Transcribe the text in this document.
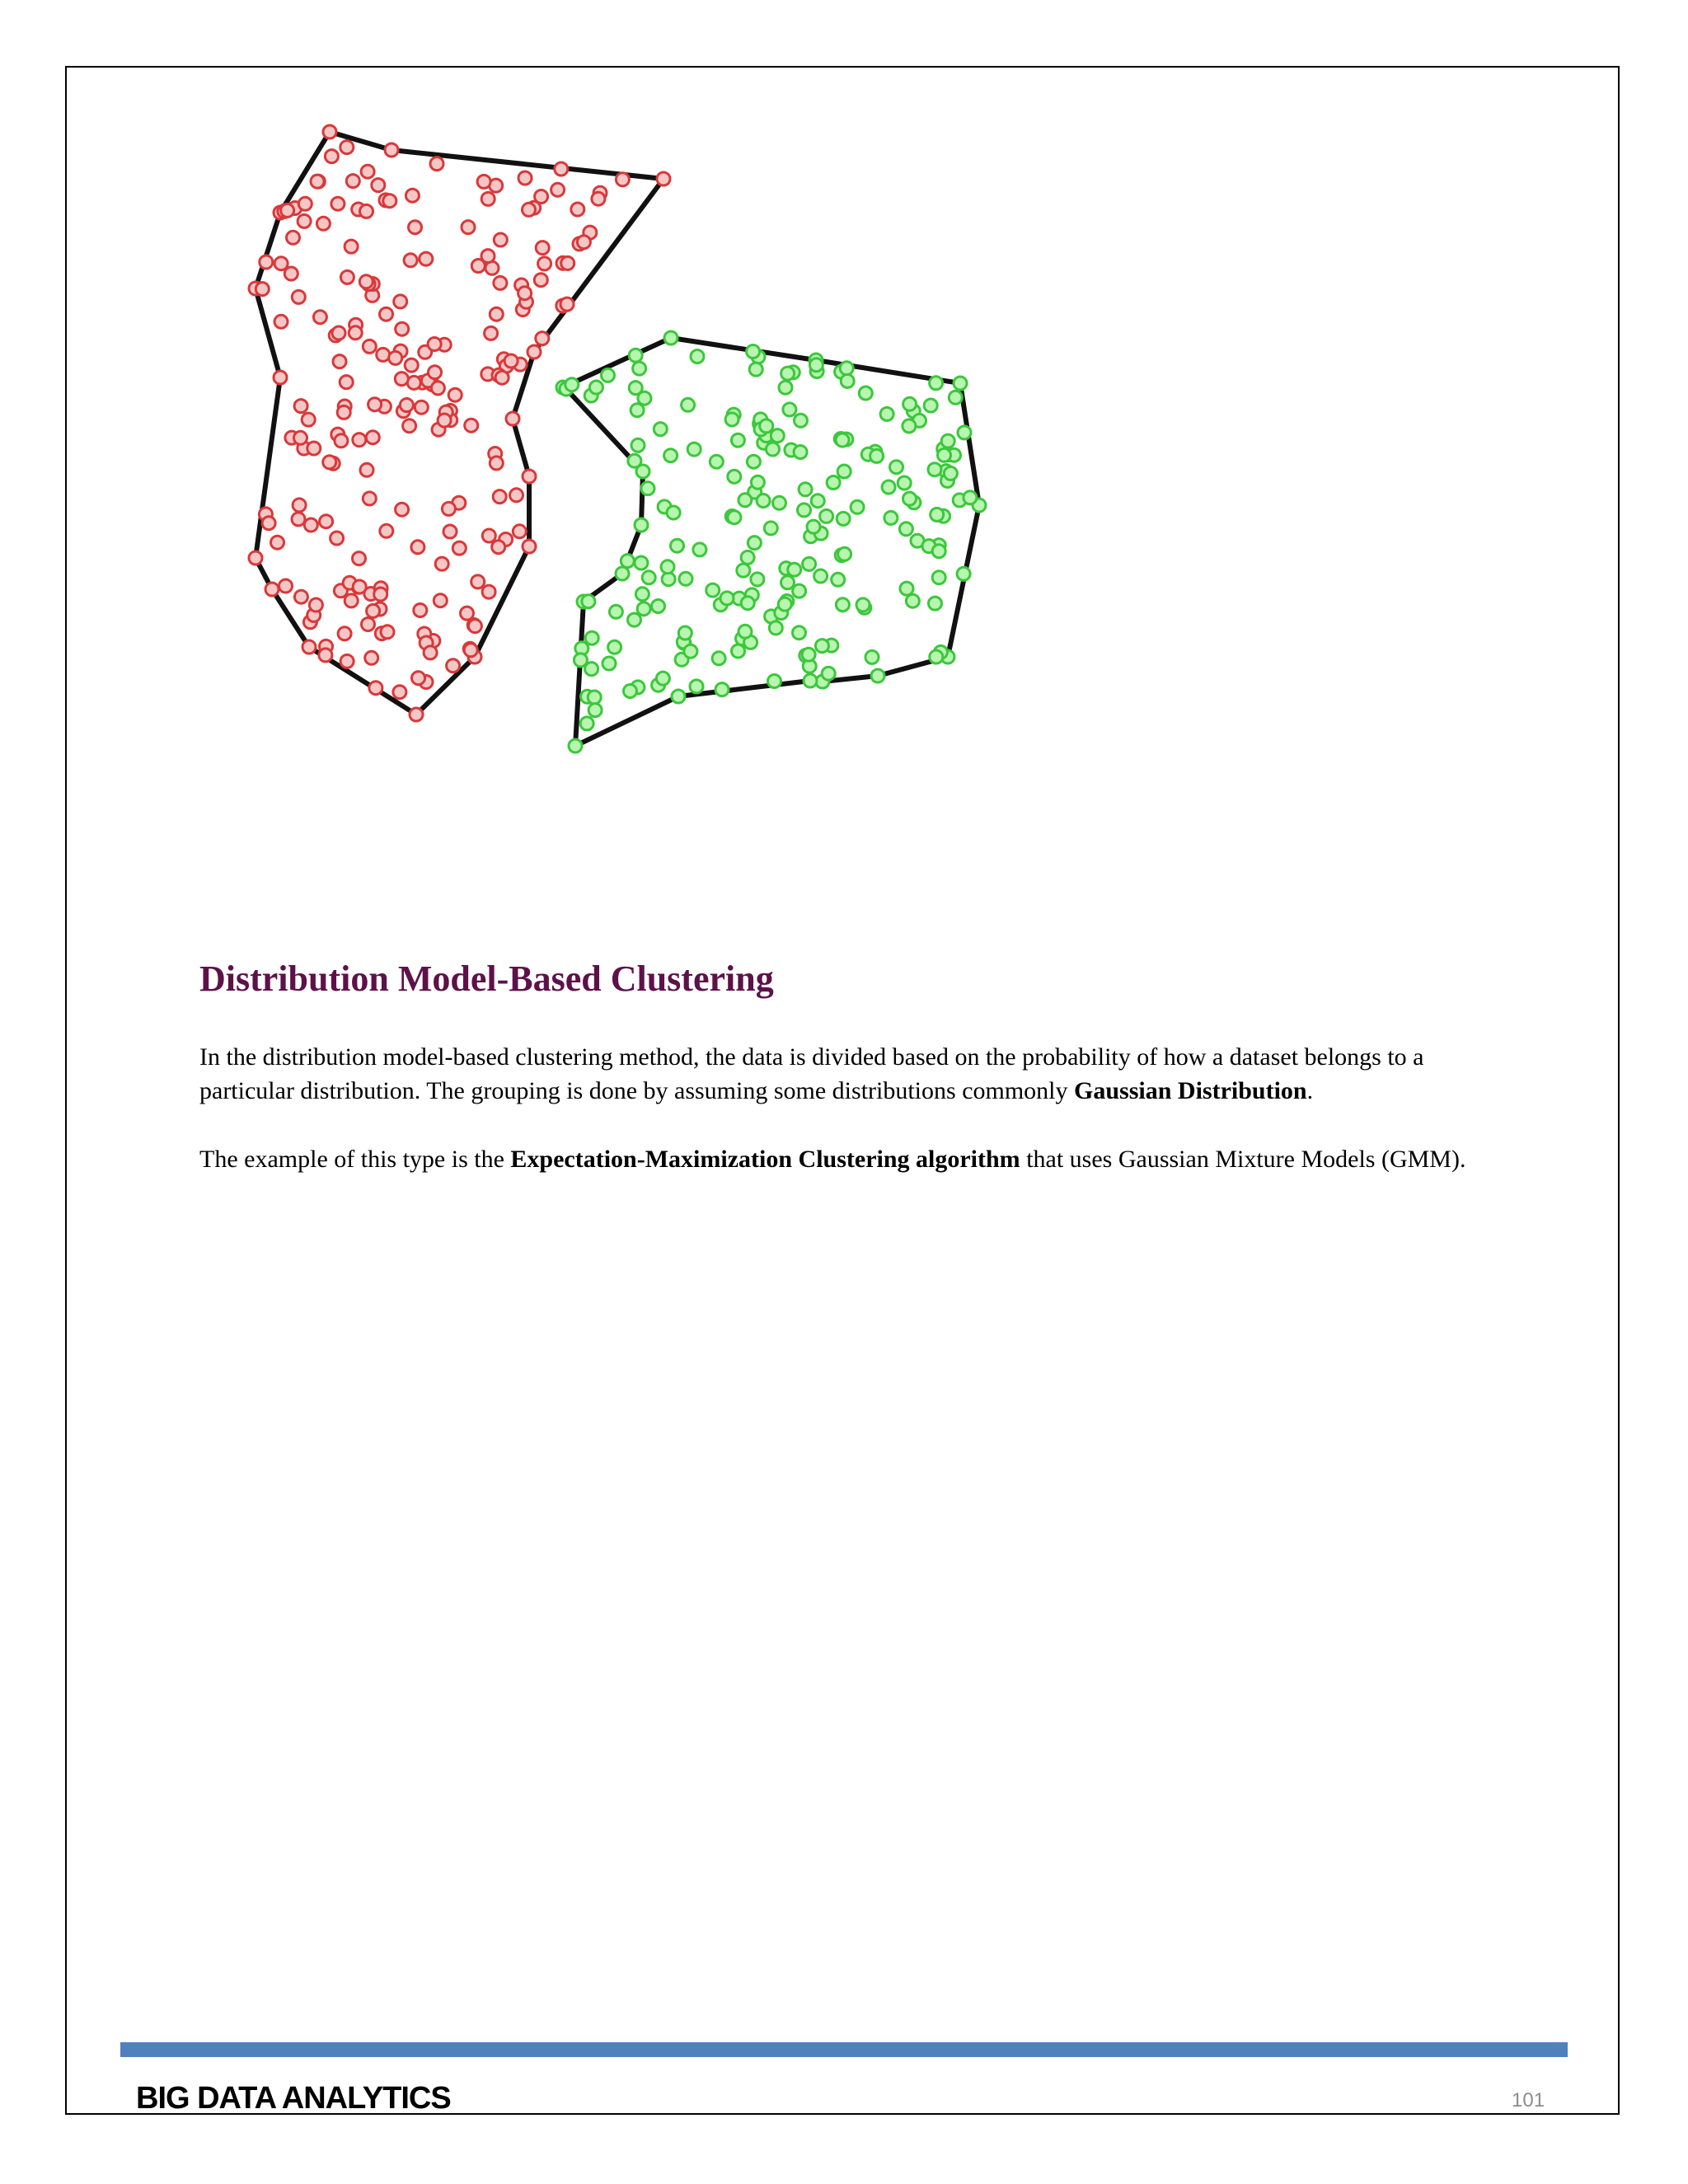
Distribution Model-Based Clustering

In the distribution model-based clustering method, the data is divided based on the probability of how a dataset belongs to a particular distribution. The grouping is done by assuming some distributions commonly Gaussian Distribution.

The example of this type is the Expectation-Maximization Clustering algorithm that uses Gaussian Mixture Models (GMM).

BIG DATA ANALYTICS	101
